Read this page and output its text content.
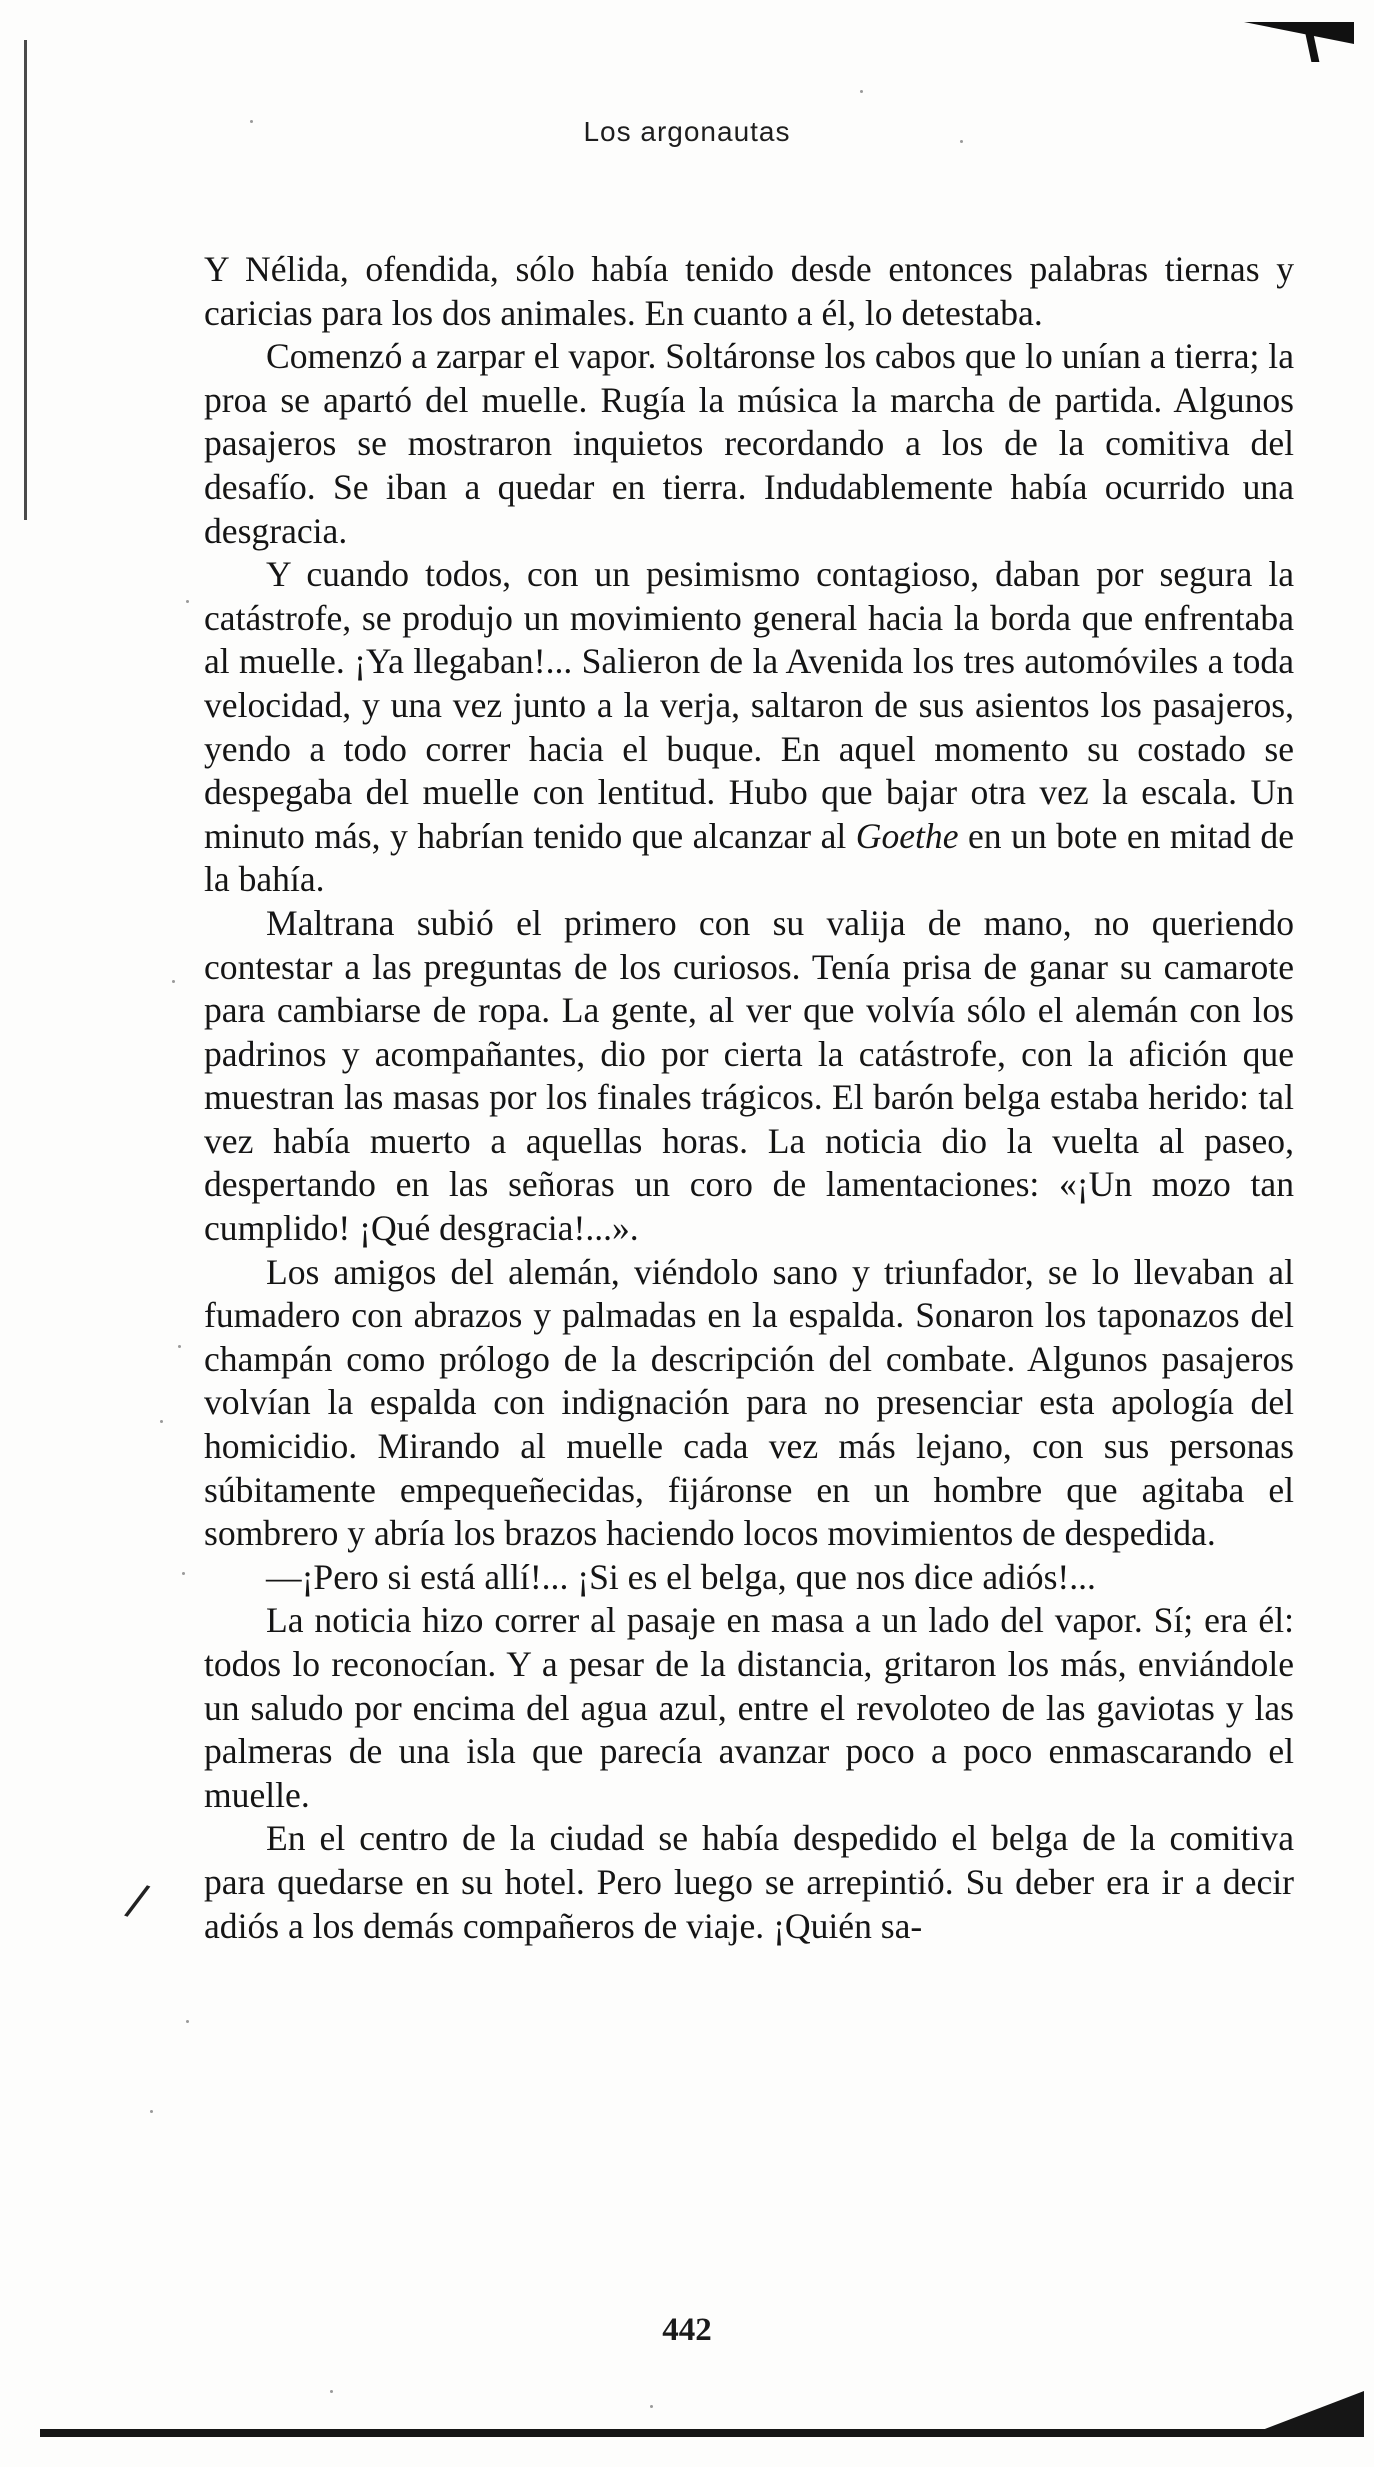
/
Los argonautas

Y Nélida, ofendida, sólo había tenido desde entonces palabras tiernas y caricias para los dos animales. En cuanto a él, lo detestaba.

Comenzó a zarpar el vapor. Soltáronse los cabos que lo unían a tierra; la proa se apartó del muelle. Rugía la música la marcha de partida. Algunos pasajeros se mostraron inquietos recordando a los de la comitiva del desafío. Se iban a quedar en tierra. Indudablemente había ocurrido una desgracia.

Y cuando todos, con un pesimismo contagioso, daban por segura la catástrofe, se produjo un movimiento general hacia la borda que enfrentaba al muelle. ¡Ya llegaban!... Salieron de la Avenida los tres automóviles a toda velocidad, y una vez junto a la verja, saltaron de sus asientos los pasajeros, yendo a todo correr hacia el buque. En aquel momento su costado se despegaba del muelle con lentitud. Hubo que bajar otra vez la escala. Un minuto más, y habrían tenido que alcanzar al Goethe en un bote en mitad de la bahía.

Maltrana subió el primero con su valija de mano, no queriendo contestar a las preguntas de los curiosos. Tenía prisa de ganar su camarote para cambiarse de ropa. La gente, al ver que volvía sólo el alemán con los padrinos y acompañantes, dio por cierta la catástrofe, con la afición que muestran las masas por los finales trágicos. El barón belga estaba herido: tal vez había muerto a aquellas horas. La noticia dio la vuelta al paseo, despertando en las señoras un coro de lamentaciones: «¡Un mozo tan cumplido! ¡Qué desgracia!...».

Los amigos del alemán, viéndolo sano y triunfador, se lo llevaban al fumadero con abrazos y palmadas en la espalda. Sonaron los taponazos del champán como prólogo de la descripción del combate. Algunos pasajeros volvían la espalda con indignación para no presenciar esta apología del homicidio. Mirando al muelle cada vez más lejano, con sus personas súbitamente empequeñecidas, fijáronse en un hombre que agitaba el sombrero y abría los brazos haciendo locos movimientos de despedida.

—¡Pero si está allí!... ¡Si es el belga, que nos dice adiós!...

La noticia hizo correr al pasaje en masa a un lado del vapor. Sí; era él: todos lo reconocían. Y a pesar de la distancia, gritaron los más, enviándole un saludo por encima del agua azul, entre el revoloteo de las gaviotas y las palmeras de una isla que parecía avanzar poco a poco enmascarando el muelle.

En el centro de la ciudad se había despedido el belga de la comitiva para quedarse en su hotel. Pero luego se arrepintió. Su deber era ir a decir adiós a los demás compañeros de viaje. ¡Quién sa-

442
